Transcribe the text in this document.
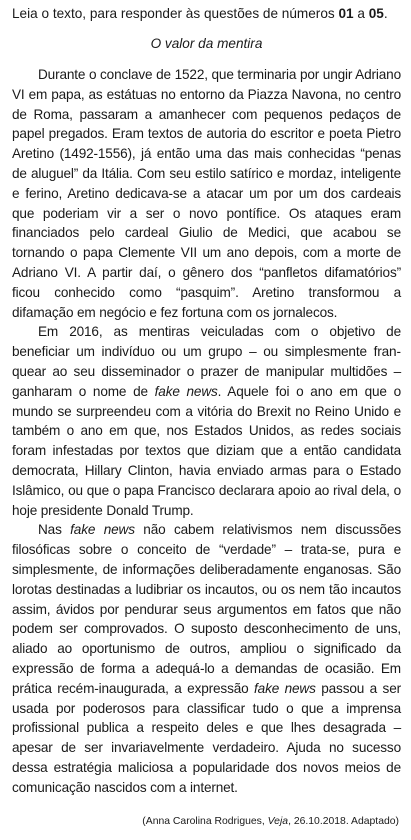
Leia o texto, para responder às questões de números 01 a 05.

O valor da mentira

Durante o conclave de 1522, que terminaria por ungir Adriano VI em papa, as estátuas no entorno da Piazza Navona, no centro de Roma, passaram a amanhecer com pequenos pedaços de papel pregados. Eram textos de autoria do escritor e poeta Pietro Aretino (1492-1556), já então uma das mais conhecidas “penas de aluguel” da Itália. Com seu estilo satírico e mordaz, inteligente e ferino, Aretino dedicava-se a atacar um por um dos cardeais que poderiam vir a ser o novo pontífice. Os ataques eram financiados pelo cardeal Giulio de Medici, que acabou se tornando o papa Clemente VII um ano depois, com a morte de Adriano VI. A partir daí, o gênero dos “panfletos difamatórios” ficou conhecido como “pasquim”. Aretino transformou a difamação em negócio e fez fortuna com os jornalecos.

Em 2016, as mentiras veiculadas com o objetivo de beneficiar um indivíduo ou um grupo – ou simplesmente franquear ao seu disseminador o prazer de manipular multidões – ganharam o nome de fake news. Aquele foi o ano em que o mundo se surpreendeu com a vitória do Brexit no Reino Unido e também o ano em que, nos Estados Unidos, as redes sociais foram infestadas por textos que diziam que a então candidata democrata, Hillary Clinton, havia enviado armas para o Estado Islâmico, ou que o papa Francisco declarara apoio ao rival dela, o hoje presidente Donald Trump.

Nas fake news não cabem relativismos nem discussões filosóficas sobre o conceito de “verdade” – trata-se, pura e simplesmente, de informações deliberadamente enganosas. São lorotas destinadas a ludibriar os incautos, ou os nem tão incautos assim, ávidos por pendurar seus argumentos em fatos que não podem ser comprovados. O suposto desconhecimento de uns, aliado ao oportunismo de outros, ampliou o significado da expressão de forma a adequá-lo a demandas de ocasião. Em prática recém-inaugurada, a expressão fake news passou a ser usada por poderosos para classificar tudo o que a imprensa profissional publica a respeito deles e que lhes desagrada – apesar de ser invariavelmente verdadeiro. Ajuda no sucesso dessa estratégia maliciosa a popularidade dos novos meios de comunicação nascidos com a internet.

(Anna Carolina Rodrigues, Veja, 26.10.2018. Adaptado)
